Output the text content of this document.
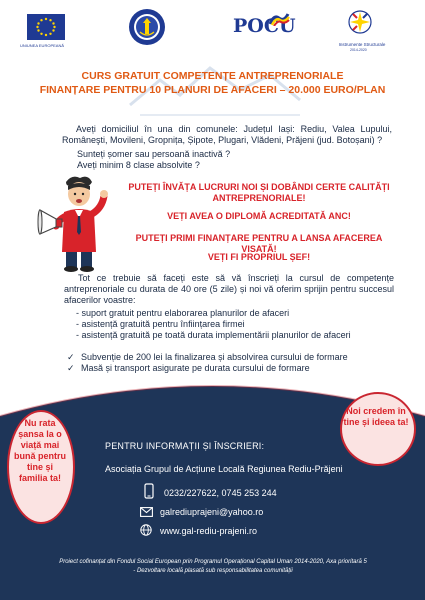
UNIUNEA EUROPEANĂ
POCU
Instrumente Structurale
2014-2020
CURS GRATUIT COMPETENȚE ANTREPRENORIALE
FINANȚARE PENTRU 10 PLANURI DE AFACERI – 20.000 EURO/PLAN
Aveți domiciliul în una din comunele: Județul Iași: Rediu, Valea Lupului, Româneşti, Movileni, Gropnița, Șipote, Plugari, Vlădeni, Prăjeni (jud. Botoșani) ?
Sunteți șomer sau persoană inactivă ?
Aveți minim 8 clase absolvite ?
PUTEȚI ÎNVĂȚA LUCRURI NOI ȘI DOBÂNDI CERTE CALITĂȚI ANTREPRENORIALE!
VEȚI AVEA O DIPLOMĂ ACREDITATĂ ANC!
PUTEȚI PRIMI FINANȚARE PENTRU A LANSA AFACEREA VISATĂ!
VEȚI FI PROPRIUL ȘEF!
Tot ce trebuie să faceți este să vă înscrieți la cursul de competențe antreprenoriale cu durata de 40 ore (5 zile) și noi vă oferim sprijin pentru succesul afacerilor voastre:
- suport gratuit pentru elaborarea planurilor de afaceri
- asistență gratuită pentru înființarea firmei
- asistență gratuită pe toată durata implementării planurilor de afaceri
✓ Subvenție de 200 lei la finalizarea și absolvirea cursului de formare
✓ Masă și transport asigurate pe durata cursului de formare
Nu rata șansa la o viață mai bună pentru tine și familia ta!
Noi credem în tine și ideea ta!
PENTRU INFORMAȚII ȘI ÎNSCRIERI:
Asociația Grupul de Acțiune Locală Regiunea Rediu-Prăjeni
0232/227622, 0745 253 244
galrediuprajeni@yahoo.ro
www.gal-rediu-prajeni.ro
Proiect cofinanțat din Fondul Social European prin Programul Operațional Capital Uman 2014-2020, Axa prioritară 5
- Dezvoltare locală plasată sub responsabilitatea comunității
